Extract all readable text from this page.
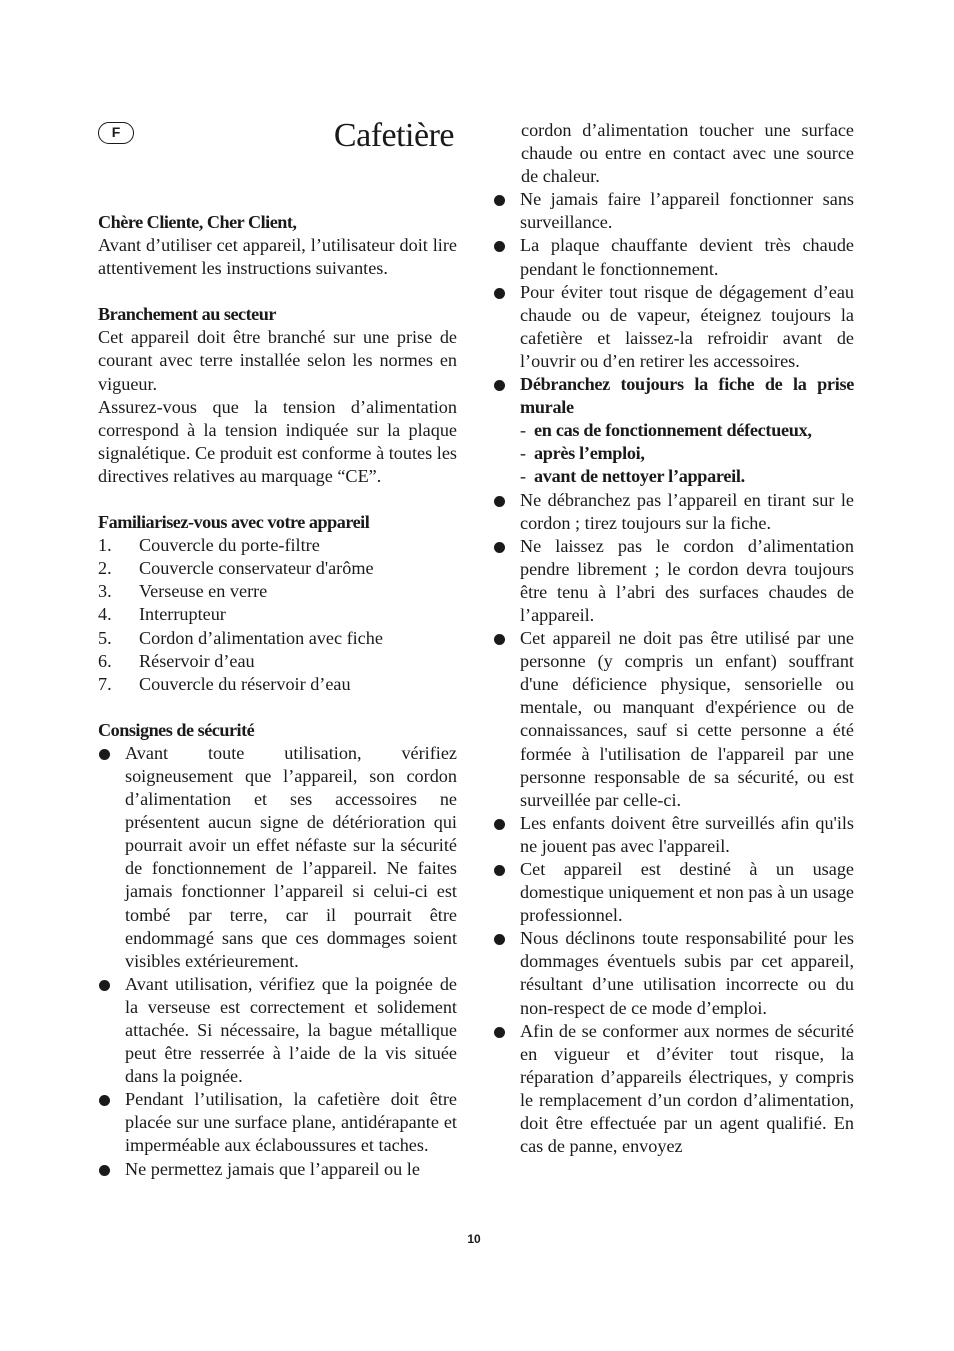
F	Cafetière

Chère Cliente, Cher Client,

Avant d’utiliser cet appareil, l’utilisateur doit lire attentivement les instructions suivantes.

Branchement au secteur

Cet appareil doit être branché sur une prise de courant avec terre installée selon les normes en vigueur.

Assurez-vous que la tension d’alimentation correspond à la tension indiquée sur la plaque signalétique. Ce produit est conforme à toutes les directives relatives au marquage “CE”.

Familiarisez-vous avec votre appareil

1.	Couvercle du porte-filtre
2.	Couvercle conservateur d'arôme
3.	Verseuse en verre
4.	Interrupteur
5.	Cordon d’alimentation avec fiche
6.	Réservoir d’eau
7.	Couvercle du réservoir d’eau

Consignes de sécurité

Avant toute utilisation, vérifiez soigneusement que l’appareil, son cordon d’alimentation et ses accessoires ne présentent aucun signe de détérioration qui pourrait avoir un effet néfaste sur la sécurité de fonctionnement de l’appareil. Ne faites jamais fonctionner l’appareil si celui-ci est tombé par terre, car il pourrait être endommagé sans que ces dommages soient visibles extérieurement.
Avant utilisation, vérifiez que la poignée de la verseuse est correctement et solidement attachée. Si nécessaire, la bague métallique peut être resserrée à l’aide de la vis située dans la poignée.
Pendant l’utilisation, la cafetière doit être placée sur une surface plane, antidérapante et imperméable aux éclaboussures et taches.
Ne permettez jamais que l’appareil ou le

cordon d’alimentation toucher une surface chaude ou entre en contact avec une source de chaleur.

Ne jamais faire l’appareil fonctionner sans surveillance.
La plaque chauffante devient très chaude pendant le fonctionnement.
Pour éviter tout risque de dégagement d’eau chaude ou de vapeur, éteignez toujours la cafetière et laissez-la refroidir avant de l’ouvrir ou d’en retirer les accessoires.
Débranchez toujours la fiche de la prise murale
- en cas de fonctionnement défectueux,
- après l’emploi,
- avant de nettoyer l’appareil.
Ne débranchez pas l’appareil en tirant sur le cordon ; tirez toujours sur la fiche.
Ne laissez pas le cordon d’alimentation pendre librement ; le cordon devra toujours être tenu à l’abri des surfaces chaudes de l’appareil.
Cet appareil ne doit pas être utilisé par une personne (y compris un enfant) souffrant d'une déficience physique, sensorielle ou mentale, ou manquant d'expérience ou de connaissances, sauf si cette personne a été formée à l'utilisation de l'appareil par une personne responsable de sa sécurité, ou est surveillée par celle-ci.
Les enfants doivent être surveillés afin qu'ils ne jouent pas avec l'appareil.
Cet appareil est destiné à un usage domestique uniquement et non pas à un usage professionnel.
Nous déclinons toute responsabilité pour les dommages éventuels subis par cet appareil, résultant d’une utilisation incorrecte ou du non-respect de ce mode d’emploi.
Afin de se conformer aux normes de sécurité en vigueur et d’éviter tout risque, la réparation d’appareils électriques, y compris le remplacement d’un cordon d’alimentation, doit être effectuée par un agent qualifié. En cas de panne, envoyez
10
